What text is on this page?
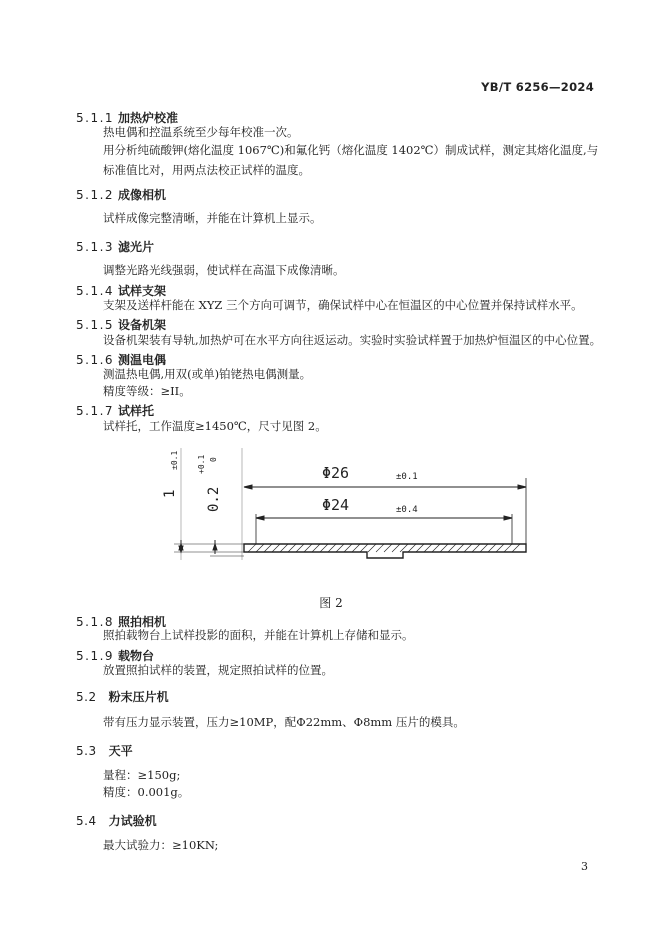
YB/T 6256—2024
5.1.1 加热炉校准
热电偶和控温系统至少每年校准一次。
用分析纯硫酸钾(熔化温度 1067℃)和氟化钙（熔化温度 1402℃）制成试样，测定其熔化温度,与标准值比对，用两点法校正试样的温度。
5.1.2 成像相机
试样成像完整清晰，并能在计算机上显示。
5.1.3 滤光片
调整光路光线强弱，使试样在高温下成像清晰。
5.1.4 试样支架
支架及送样杆能在 XYZ 三个方向可调节，确保试样中心在恒温区的中心位置并保持试样水平。
5.1.5 设备机架
设备机架装有导轨,加热炉可在水平方向往返运动。实验时实验试样置于加热炉恒温区的中心位置。
5.1.6 测温电偶
测温热电偶,用双(或单)铂铑热电偶测量。
精度等级：≥II。
5.1.7 试样托
试样托，工作温度≥1450℃，尺寸见图 2。
Φ26	±0.1
Φ24	±0.4
1
±0.1
0.2
+0.1 0
图 2
5.1.8 照拍相机
照拍载物台上试样投影的面积，并能在计算机上存储和显示。
5.1.9 载物台
放置照拍试样的装置，规定照拍试样的位置。
5.2 粉末压片机
带有压力显示装置，压力≥10MP，配Φ22mm、Φ8mm 压片的模具。
5.3 天平
量程：≥150g;
精度：0.001g。
5.4 力试验机
最大试验力：≥10KN;
3
